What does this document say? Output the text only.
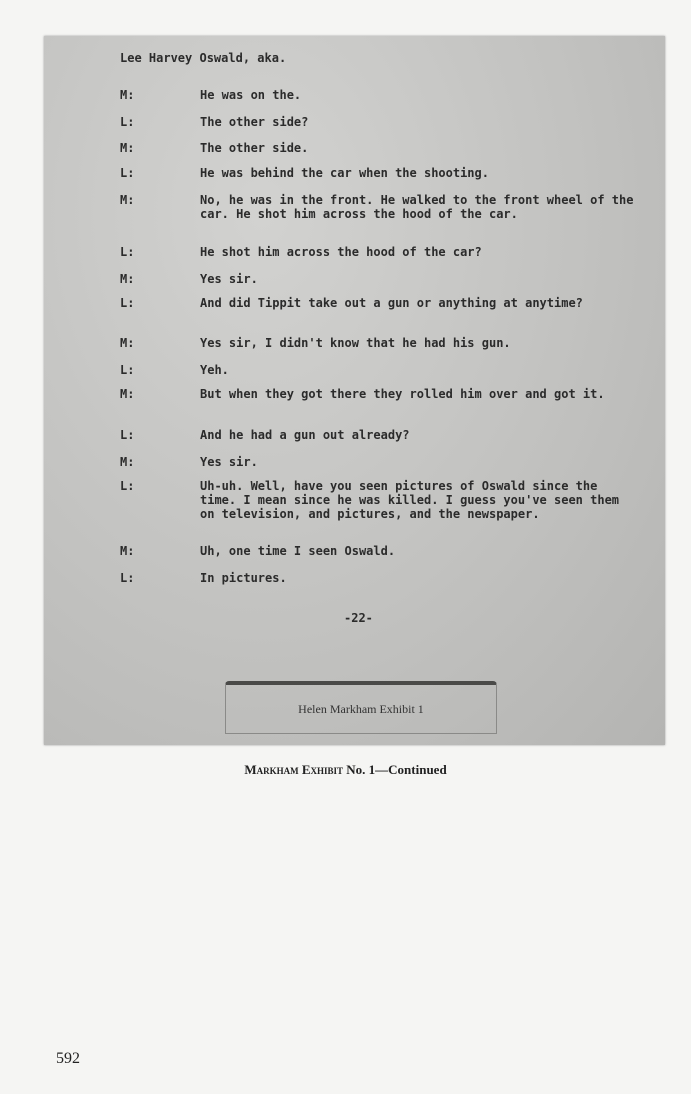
Lee Harvey Oswald, aka.
M:	He was on the.
L:	The other side?
M:	The other side.
L:	He was behind the car when the shooting.
M:	No, he was in the front. He walked to the front wheel of the car. He shot him across the hood of the car.
L:	He shot him across the hood of the car?
M:	Yes sir.
L:	And did Tippit take out a gun or anything at anytime?
M:	Yes sir, I didn't know that he had his gun.
L:	Yeh.
M:	But when they got there they rolled him over and got it.
L:	And he had a gun out already?
M:	Yes sir.
L:	Uh-uh. Well, have you seen pictures of Oswald since the time. I mean since he was killed. I guess you've seen them on television, and pictures, and the newspaper.
M:	Uh, one time I seen Oswald.
L:	In pictures.
-22-
Helen Markham Exhibit 1
Markham Exhibit No. 1—Continued
592
